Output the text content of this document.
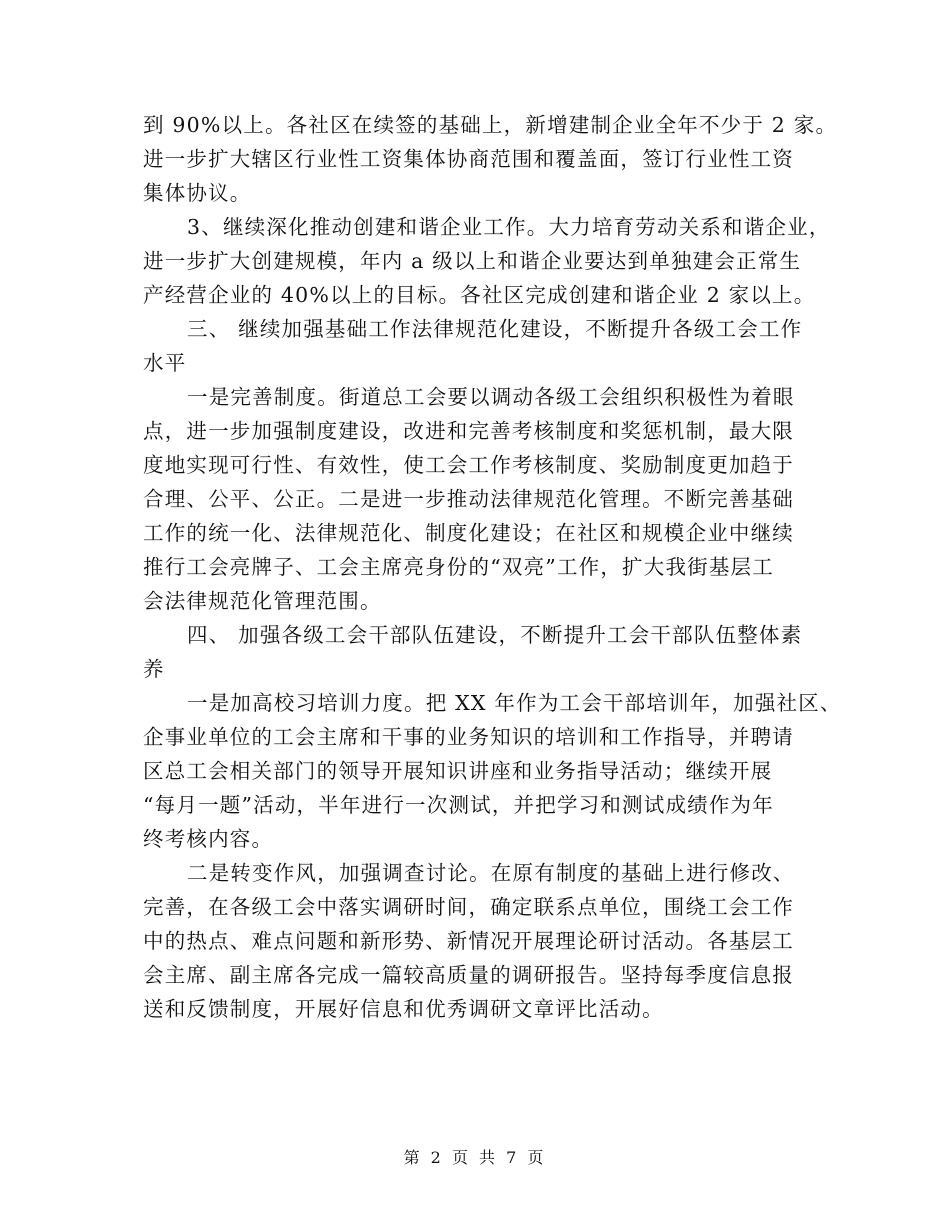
到 90%以上。各社区在续签的基础上，新增建制企业全年不少于 2 家。
进一步扩大辖区行业性工资集体协商范围和覆盖面，签订行业性工资
集体协议。
3、继续深化推动创建和谐企业工作。大力培育劳动关系和谐企业，
进一步扩大创建规模，年内 a 级以上和谐企业要达到单独建会正常生
产经营企业的 40%以上的目标。各社区完成创建和谐企业 2 家以上。
三、 继续加强基础工作法律规范化建设，不断提升各级工会工作
水平
一是完善制度。街道总工会要以调动各级工会组织积极性为着眼
点，进一步加强制度建设，改进和完善考核制度和奖惩机制，最大限
度地实现可行性、有效性，使工会工作考核制度、奖励制度更加趋于
合理、公平、公正。二是进一步推动法律规范化管理。不断完善基础
工作的统一化、法律规范化、制度化建设；在社区和规模企业中继续
推行工会亮牌子、工会主席亮身份的“双亮”工作，扩大我街基层工
会法律规范化管理范围。
四、 加强各级工会干部队伍建设，不断提升工会干部队伍整体素
养
一是加高校习培训力度。把 XX 年作为工会干部培训年，加强社区、
企事业单位的工会主席和干事的业务知识的培训和工作指导，并聘请
区总工会相关部门的领导开展知识讲座和业务指导活动；继续开展
“每月一题”活动，半年进行一次测试，并把学习和测试成绩作为年
终考核内容。
二是转变作风，加强调查讨论。在原有制度的基础上进行修改、
完善，在各级工会中落实调研时间，确定联系点单位，围绕工会工作
中的热点、难点问题和新形势、新情况开展理论研讨活动。各基层工
会主席、副主席各完成一篇较高质量的调研报告。坚持每季度信息报
送和反馈制度，开展好信息和优秀调研文章评比活动。
第 2 页 共 7 页
